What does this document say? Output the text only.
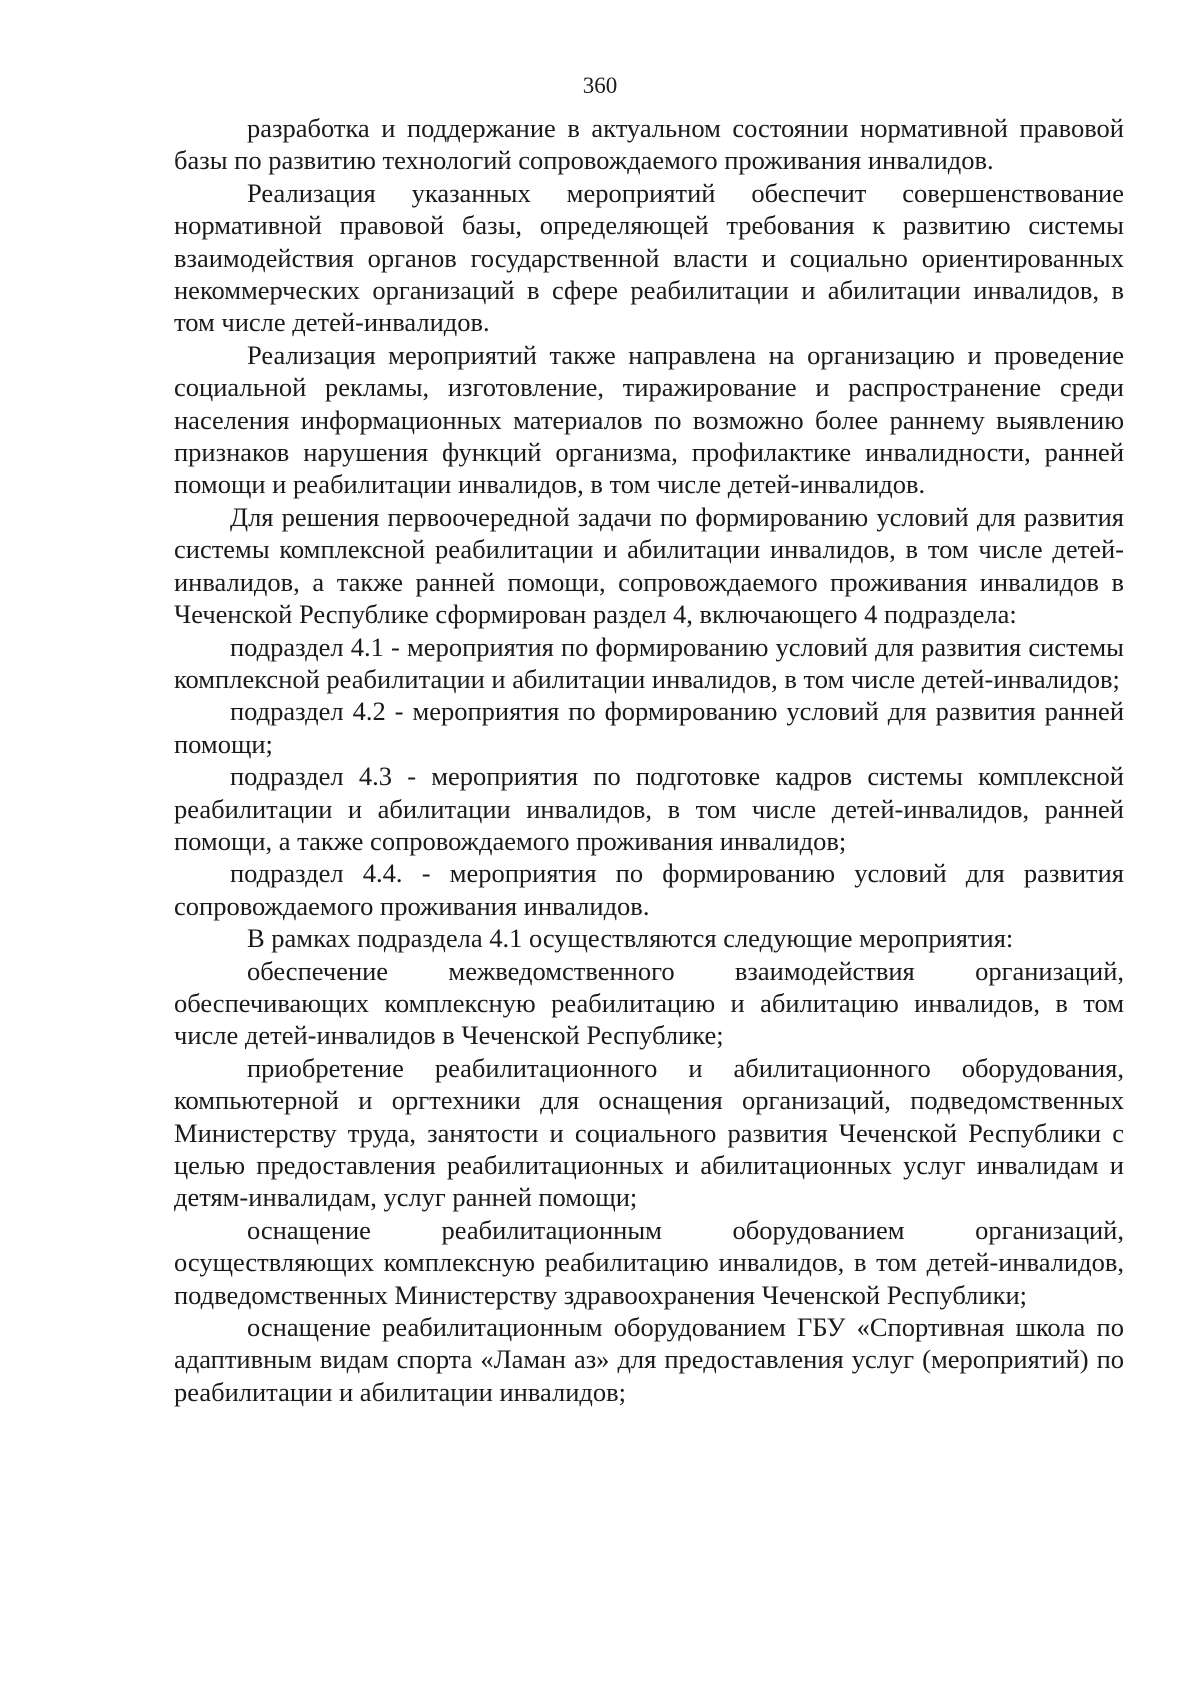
360

разработка и поддержание в актуальном состоянии нормативной правовой базы по развитию технологий сопровождаемого проживания инвалидов.

Реализация указанных мероприятий обеспечит совершенствование нормативной правовой базы, определяющей требования к развитию системы взаимодействия органов государственной власти и социально ориентированных некоммерческих организаций в сфере реабилитации и абилитации инвалидов, в том числе детей-инвалидов.

Реализация мероприятий также направлена на организацию и проведение социальной рекламы, изготовление, тиражирование и распространение среди населения информационных материалов по возможно более раннему выявлению признаков нарушения функций организма, профилактике инвалидности, ранней помощи и реабилитации инвалидов, в том числе детей-инвалидов.

Для решения первоочередной задачи по формированию условий для развития системы комплексной реабилитации и абилитации инвалидов, в том числе детей-инвалидов, а также ранней помощи, сопровождаемого проживания инвалидов в Чеченской Республике сформирован раздел 4, включающего 4 подраздела:

подраздел 4.1 - мероприятия по формированию условий для развития системы комплексной реабилитации и абилитации инвалидов, в том числе детей-инвалидов;

подраздел 4.2 - мероприятия по формированию условий для развития ранней помощи;

подраздел 4.3 - мероприятия по подготовке кадров системы комплексной реабилитации и абилитации инвалидов, в том числе детей-инвалидов, ранней помощи, а также сопровождаемого проживания инвалидов;

подраздел 4.4. - мероприятия по формированию условий для развития сопровождаемого проживания инвалидов.

В рамках подраздела 4.1 осуществляются следующие мероприятия:

обеспечение межведомственного взаимодействия организаций, обеспечивающих комплексную реабилитацию и абилитацию инвалидов, в том числе детей-инвалидов в Чеченской Республике;

приобретение реабилитационного и абилитационного оборудования, компьютерной и оргтехники для оснащения организаций, подведомственных Министерству труда, занятости и социального развития Чеченской Республики с целью предоставления реабилитационных и абилитационных услуг инвалидам и детям-инвалидам, услуг ранней помощи;

оснащение реабилитационным оборудованием организаций, осуществляющих комплексную реабилитацию инвалидов, в том детей-инвалидов, подведомственных Министерству здравоохранения Чеченской Республики;

оснащение реабилитационным оборудованием ГБУ «Спортивная школа по адаптивным видам спорта «Ламан аз» для предоставления услуг (мероприятий) по реабилитации и абилитации инвалидов;
